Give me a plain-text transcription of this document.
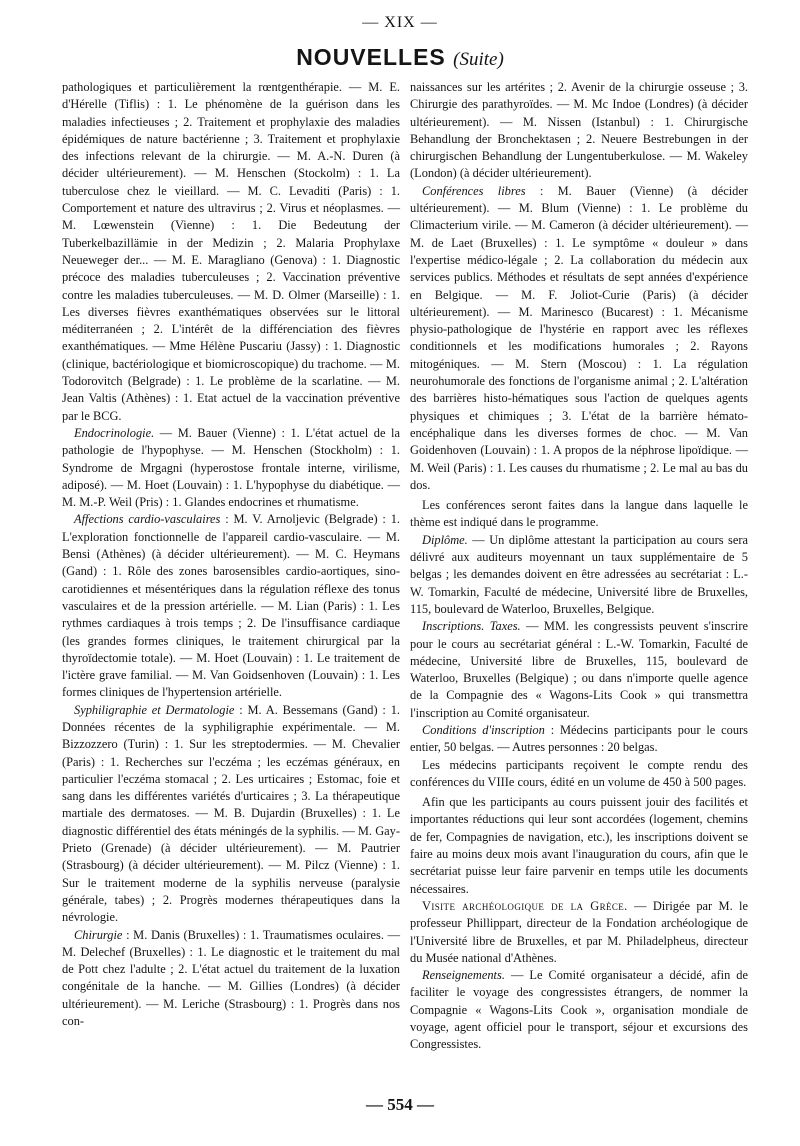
— XIX —
NOUVELLES (Suite)

pathologiques et particulièrement la rœntgenthérapie. — M. E. d'Hérelle (Tiflis) : 1. Le phénomène de la guérison dans les maladies infectieuses ; 2. Traitement et prophylaxie des maladies épidémiques de nature bactérienne ; 3. Traitement et prophylaxie des infections relevant de la chirurgie. — M. A.-N. Duren (à décider ultérieurement). — M. Henschen (Stockolm) : 1. La tuberculose chez le vieillard. — M. C. Levaditi (Paris) : 1. Comportement et nature des ultravirus ; 2. Virus et néoplasmes. — M. Lœwenstein (Vienne) : 1. Die Bedeutung der Tuberkelbazillämie in der Medizin ; 2. Malaria Prophylaxe Neueweger der... — M. E. Maragliano (Genova) : 1. Diagnostic précoce des maladies tuberculeuses ; 2. Vaccination préventive contre les maladies tuberculeuses. — M. D. Olmer (Marseille) : 1. Les diverses fièvres exanthématiques observées sur le littoral méditerranéen ; 2. L'intérêt de la différenciation des fièvres exanthématiques. — Mme Hélène Puscariu (Jassy) : 1. Diagnostic (clinique, bactériologique et biomicroscopique) du trachome. — M. Todorovitch (Belgrade) : 1. Le problème de la scarlatine. — M. Jean Valtis (Athènes) : 1. Etat actuel de la vaccination préventive par le BCG.

Endocrinologie. — M. Bauer (Vienne) : 1. L'état actuel de la pathologie de l'hypophyse. — M. Henschen (Stockholm) : 1. Syndrome de Mrgagni (hyperostose frontale interne, virilisme, adiposé). — M. Hoet (Louvain) : 1. L'hypophyse du diabétique. — M. M.-P. Weil (Pris) : 1. Glandes endocrines et rhumatisme.

Affections cardio-vasculaires : M. V. Arnoljevic (Belgrade) : 1. L'exploration fonctionnelle de l'appareil cardio-vasculaire. — M. Bensi (Athènes) (à décider ultérieurement). — M. C. Heymans (Gand) : 1. Rôle des zones barosensibles cardio-aortiques, sino-carotidiennes et mésentériques dans la régulation réflexe des tonus vasculaires et de la pression artérielle. — M. Lian (Paris) : 1. Les rythmes cardiaques à trois temps ; 2. De l'insuffisance cardiaque (les grandes formes cliniques, le traitement chirurgical par la thyroïdectomie totale). — M. Hoet (Louvain) : 1. Le traitement de l'ictère grave familial. — M. Van Goidsenhoven (Louvain) : 1. Les formes cliniques de l'hypertension artérielle.

Syphiligraphie et Dermatologie : M. A. Bessemans (Gand) : 1. Données récentes de la syphiligraphie expérimentale. — M. Bizzozzero (Turin) : 1. Sur les streptodermies. — M. Chevalier (Paris) : 1. Recherches sur l'eczéma ; les eczémas généraux, en particulier l'eczéma stomacal ; 2. Les urticaires ; Estomac, foie et sang dans les différentes variétés d'urticaires ; 3. La thérapeutique martiale des dermatoses. — M. B. Dujardin (Bruxelles) : 1. Le diagnostic différentiel des états méningés de la syphilis. — M. Gay-Prieto (Grenade) (à décider ultérieurement). — M. Pautrier (Strasbourg) (à décider ultérieurement). — M. Pilcz (Vienne) : 1. Sur le traitement moderne de la syphilis nerveuse (paralysie générale, tabes) ; 2. Progrès modernes thérapeutiques dans la névrologie.

Chirurgie : M. Danis (Bruxelles) : 1. Traumatismes oculaires. — M. Delechef (Bruxelles) : 1. Le diagnostic et le traitement du mal de Pott chez l'adulte ; 2. L'état actuel du traitement de la luxation congénitale de la hanche. — M. Gillies (Londres) (à décider ultérieurement). — M. Leriche (Strasbourg) : 1. Progrès dans nos con-

naissances sur les artérites ; 2. Avenir de la chirurgie osseuse ; 3. Chirurgie des parathyroïdes. — M. Mc Indoe (Londres) (à décider ultérieurement). — M. Nissen (Istanbul) : 1. Chirurgische Behandlung der Bronchektasen ; 2. Neuere Bestrebungen in der chirurgischen Behandlung der Lungentuberkulose. — M. Wakeley (London) (à décider ultérieurement).

Conférences libres : M. Bauer (Vienne) (à décider ultérieurement). — M. Blum (Vienne) : 1. Le problème du Climacterium virile. — M. Cameron (à décider ultérieurement). — M. de Laet (Bruxelles) : 1. Le symptôme « douleur » dans l'expertise médico-légale ; 2. La collaboration du médecin aux services publics. Méthodes et résultats de sept années d'expérience en Belgique. — M. F. Joliot-Curie (Paris) (à décider ultérieurement). — M. Marinesco (Bucarest) : 1. Mécanisme physio-pathologique de l'hystérie en rapport avec les réflexes conditionnels et les modifications humorales ; 2. Rayons mitogéniques. — M. Stern (Moscou) : 1. La régulation neurohumorale des fonctions de l'organisme animal ; 2. L'altération des barrières histo-hématiques sous l'action de quelques agents physiques et chimiques ; 3. L'état de la barrière hémato-encéphalique dans les diverses formes de choc. — M. Van Goidenhoven (Louvain) : 1. A propos de la néphrose lipoïdique. — M. Weil (Paris) : 1. Les causes du rhumatisme ; 2. Le mal au bas du dos.

Les conférences seront faites dans la langue dans laquelle le thème est indiqué dans le programme.

Diplôme. — Un diplôme attestant la participation au cours sera délivré aux auditeurs moyennant un taux supplémentaire de 5 belgas ; les demandes doivent en être adressées au secrétariat : L.-W. Tomarkin, Faculté de médecine, Université libre de Bruxelles, 115, boulevard de Waterloo, Bruxelles, Belgique.

Inscriptions. Taxes. — MM. les congressists peuvent s'inscrire pour le cours au secrétariat général : L.-W. Tomarkin, Faculté de médecine, Université libre de Bruxelles, 115, boulevard de Waterloo, Bruxelles (Belgique) ; ou dans n'importe quelle agence de la Compagnie des « Wagons-Lits Cook » qui transmettra l'inscription au Comité organisateur.

Conditions d'inscription : Médecins participants pour le cours entier, 50 belgas. — Autres personnes : 20 belgas.

Les médecins participants reçoivent le compte rendu des conférences du VIIIe cours, édité en un volume de 450 à 500 pages.

Afin que les participants au cours puissent jouir des facilités et importantes réductions qui leur sont accordées (logement, chemins de fer, Compagnies de navigation, etc.), les inscriptions doivent se faire au moins deux mois avant l'inauguration du cours, afin que le secrétariat puisse leur faire parvenir en temps utile les documents nécessaires.

Visite archéologique de la Grèce. — Dirigée par M. le professeur Phillippart, directeur de la Fondation archéologique de l'Université libre de Bruxelles, et par M. Philadelpheus, directeur du Musée national d'Athènes.

Renseignements. — Le Comité organisateur a décidé, afin de faciliter le voyage des congressistes étrangers, de nommer la Compagnie « Wagons-Lits Cook », organisation mondiale de voyage, agent officiel pour le transport, séjour et excursions des Congressistes.

— 554 —
